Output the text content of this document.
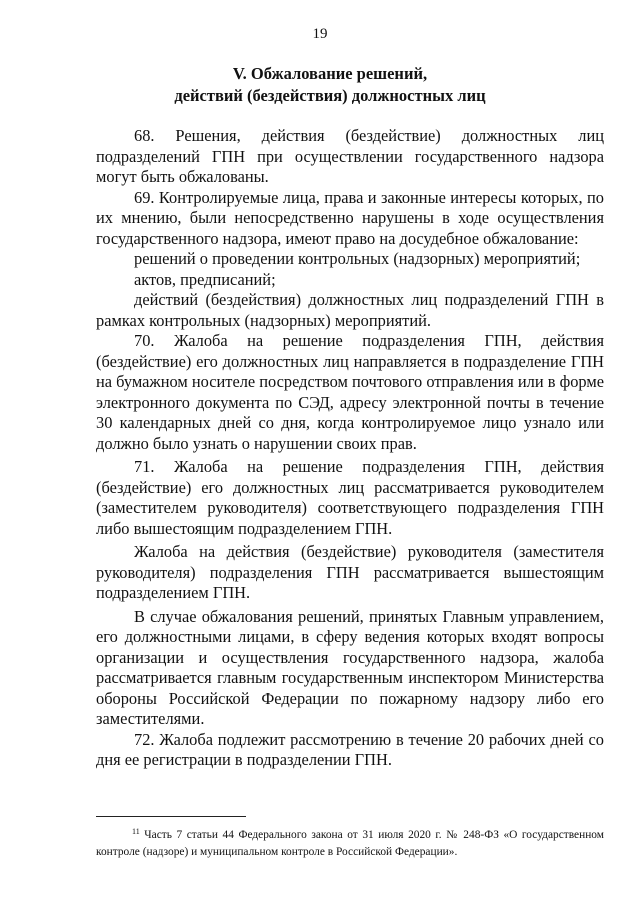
19
V. Обжалование решений,
действий (бездействия) должностных лиц

68. Решения, действия (бездействие) должностных лиц подразделений ГПН при осуществлении государственного надзора могут быть обжалованы.

69. Контролируемые лица, права и законные интересы которых, по их мнению, были непосредственно нарушены в ходе осуществления государственного надзора, имеют право на досудебное обжалование:

решений о проведении контрольных (надзорных) мероприятий;

актов, предписаний;

действий (бездействия) должностных лиц подразделений ГПН в рамках контрольных (надзорных) мероприятий.

70. Жалоба на решение подразделения ГПН, действия (бездействие) его должностных лиц направляется в подразделение ГПН на бумажном носителе посредством почтового отправления или в форме электронного документа по СЭД, адресу электронной почты в течение 30 календарных дней со дня, когда контролируемое лицо узнало или должно было узнать о нарушении своих прав.

71. Жалоба на решение подразделения ГПН, действия (бездействие) его должностных лиц рассматривается руководителем (заместителем руководителя) соответствующего подразделения ГПН либо вышестоящим подразделением ГПН.

Жалоба на действия (бездействие) руководителя (заместителя руководителя) подразделения ГПН рассматривается вышестоящим подразделением ГПН.

В случае обжалования решений, принятых Главным управлением, его должностными лицами, в сферу ведения которых входят вопросы организации и осуществления государственного надзора, жалоба рассматривается главным государственным инспектором Министерства обороны Российской Федерации по пожарному надзору либо его заместителями.

72. Жалоба подлежит рассмотрению в течение 20 рабочих дней со дня ее регистрации в подразделении ГПН.

$^{11}$ Часть 7 статьи 44 Федерального закона от 31 июля 2020 г. № 248-ФЗ «О государственном контроле (надзоре) и муниципальном контроле в Российской Федерации».
